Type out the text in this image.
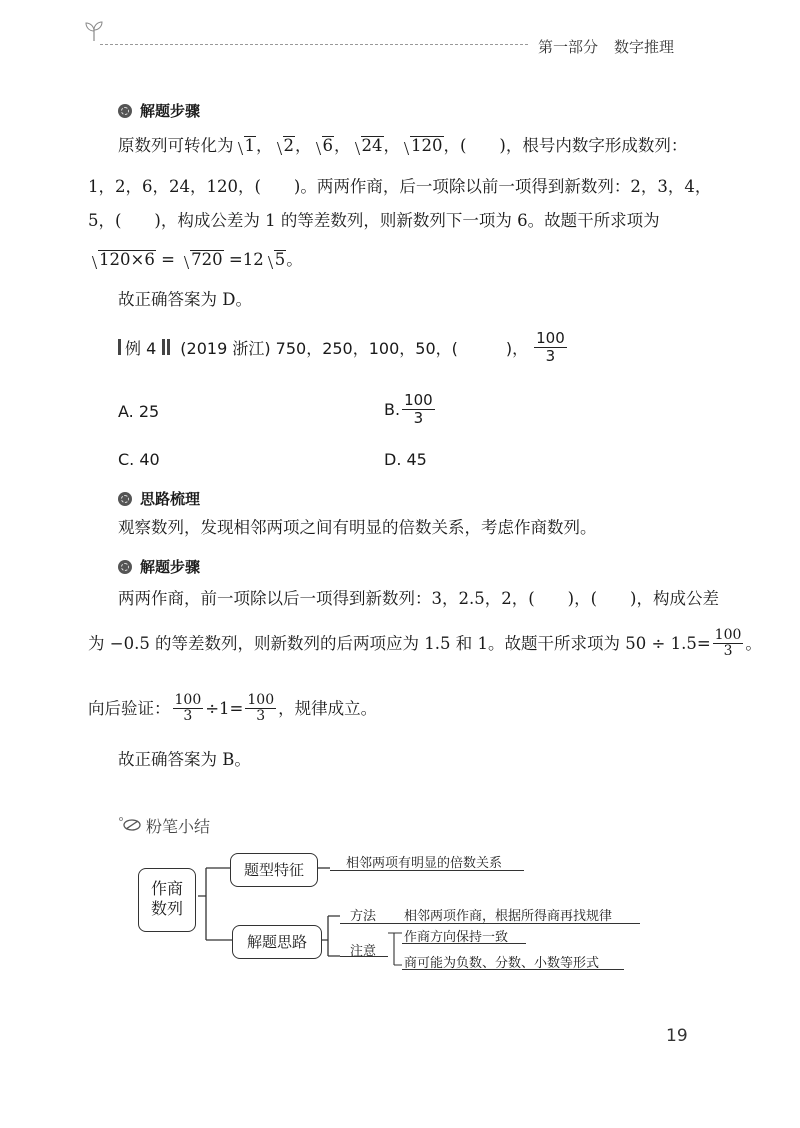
第一部分 数字推理
解题步骤
原数列可转化为 1， 2， 6， 24， 120，(　　)，根号内数字形成数列：
1，2，6，24，120，(　　)。两两作商，后一项除以前一项得到新数列：2，3，4，
5，(　　)，构成公差为 1 的等差数列，则新数列下一项为 6。故题干所求项为
120×6 = 720 =12 5。
故正确答案为 D。
例 4 (2019 浙江) 750，250，100，50，(　　　)， $\frac{100}{3}$
A. 25	B. $\frac{100}{3}$
C. 40	D. 45
思路梳理
观察数列，发现相邻两项之间有明显的倍数关系，考虑作商数列。
解题步骤
两两作商，前一项除以后一项得到新数列：3，2.5，2，(　　)，(　　)，构成公差
为 −0.5 的等差数列，则新数列的后两项应为 1.5 和 1。故题干所求项为 $50 \div 1.5= \frac{100}{3}$ 。
向后验证： $\frac{100}{3} \div 1= \frac{100}{3}$ ，规律成立。
故正确答案为 B。
粉笔小结
作商
数列
题型特征
解题思路
相邻两项有明显的倍数关系
方法 相邻两项作商，根据所得商再找规律
注意
作商方向保持一致
商可能为负数、分数、小数等形式
19
